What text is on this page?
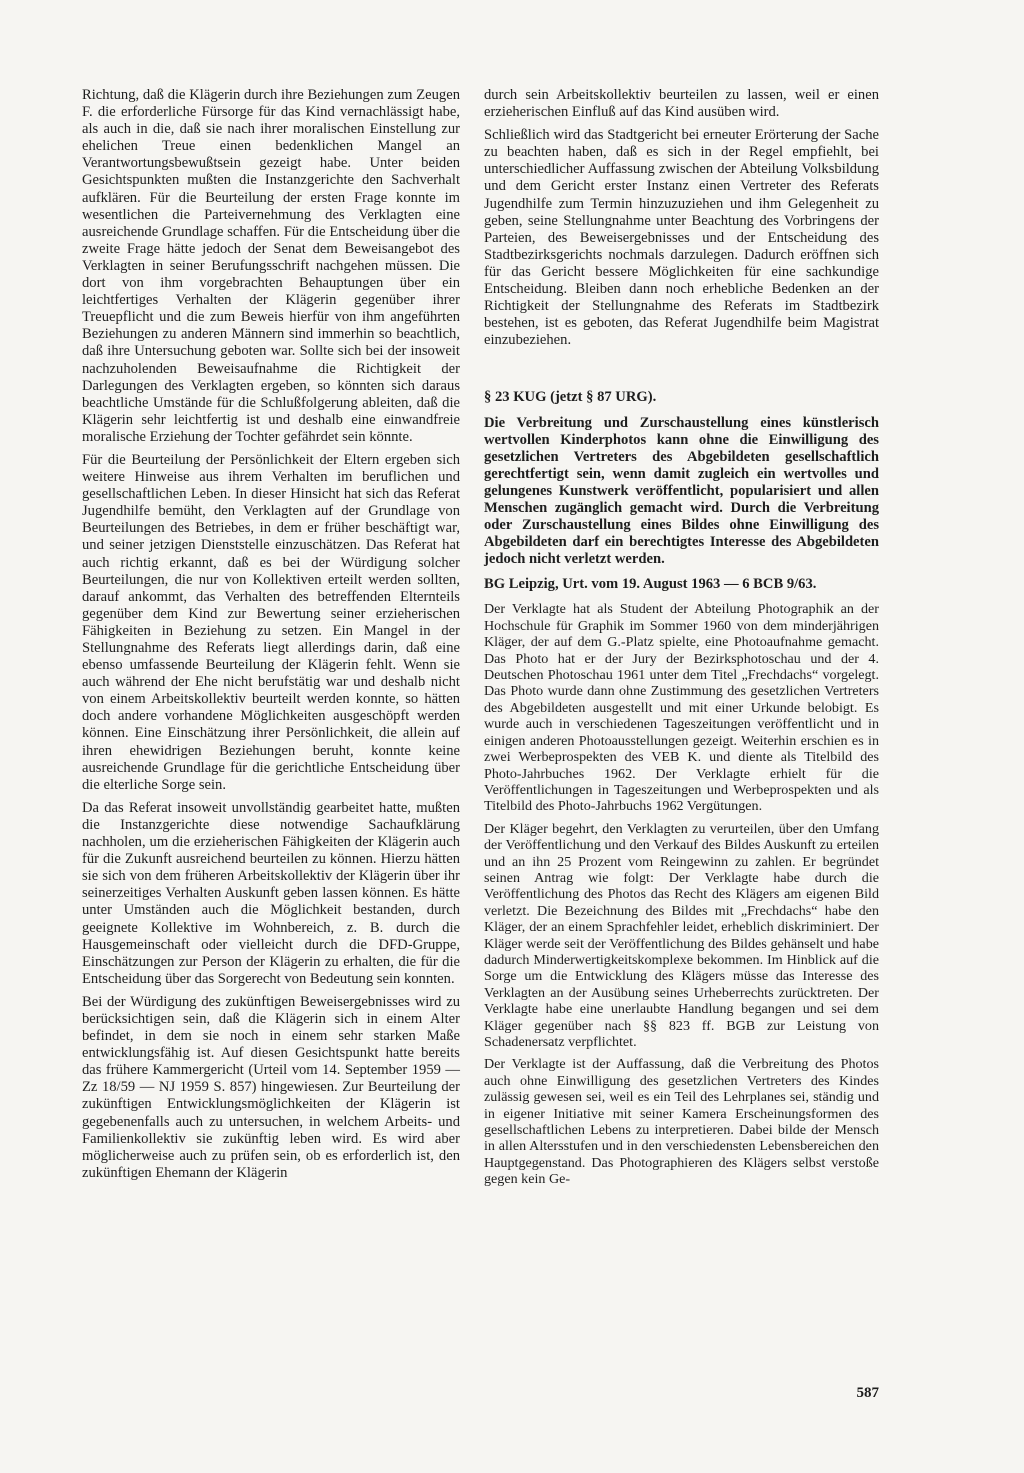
Richtung, daß die Klägerin durch ihre Beziehungen zum Zeugen F. die erforderliche Fürsorge für das Kind vernachlässigt habe, als auch in die, daß sie nach ihrer moralischen Einstellung zur ehelichen Treue einen bedenklichen Mangel an Verantwortungsbewußtsein gezeigt habe. Unter beiden Gesichtspunkten mußten die Instanzgerichte den Sachverhalt aufklären. Für die Beurteilung der ersten Frage konnte im wesentlichen die Parteivernehmung des Verklagten eine ausreichende Grundlage schaffen. Für die Entscheidung über die zweite Frage hätte jedoch der Senat dem Beweisangebot des Verklagten in seiner Berufungsschrift nachgehen müssen. Die dort von ihm vorgebrachten Behauptungen über ein leichtfertiges Verhalten der Klägerin gegenüber ihrer Treuepflicht und die zum Beweis hierfür von ihm angeführten Beziehungen zu anderen Männern sind immerhin so beachtlich, daß ihre Untersuchung geboten war. Sollte sich bei der insoweit nachzuholenden Beweisaufnahme die Richtigkeit der Darlegungen des Verklagten ergeben, so könnten sich daraus beachtliche Umstände für die Schlußfolgerung ableiten, daß die Klägerin sehr leichtfertig ist und deshalb eine einwandfreie moralische Erziehung der Tochter gefährdet sein könnte.

Für die Beurteilung der Persönlichkeit der Eltern ergeben sich weitere Hinweise aus ihrem Verhalten im beruflichen und gesellschaftlichen Leben. In dieser Hinsicht hat sich das Referat Jugendhilfe bemüht, den Verklagten auf der Grundlage von Beurteilungen des Betriebes, in dem er früher beschäftigt war, und seiner jetzigen Dienststelle einzuschätzen. Das Referat hat auch richtig erkannt, daß es bei der Würdigung solcher Beurteilungen, die nur von Kollektiven erteilt werden sollten, darauf ankommt, das Verhalten des betreffenden Elternteils gegenüber dem Kind zur Bewertung seiner erzieherischen Fähigkeiten in Beziehung zu setzen. Ein Mangel in der Stellungnahme des Referats liegt allerdings darin, daß eine ebenso umfassende Beurteilung der Klägerin fehlt. Wenn sie auch während der Ehe nicht berufstätig war und deshalb nicht von einem Arbeitskollektiv beurteilt werden konnte, so hätten doch andere vorhandene Möglichkeiten ausgeschöpft werden können. Eine Einschätzung ihrer Persönlichkeit, die allein auf ihren ehewidrigen Beziehungen beruht, konnte keine ausreichende Grundlage für die gerichtliche Entscheidung über die elterliche Sorge sein.

Da das Referat insoweit unvollständig gearbeitet hatte, mußten die Instanzgerichte diese notwendige Sachaufklärung nachholen, um die erzieherischen Fähigkeiten der Klägerin auch für die Zukunft ausreichend beurteilen zu können. Hierzu hätten sie sich von dem früheren Arbeitskollektiv der Klägerin über ihr seinerzeitiges Verhalten Auskunft geben lassen können. Es hätte unter Umständen auch die Möglichkeit bestanden, durch geeignete Kollektive im Wohnbereich, z. B. durch die Hausgemeinschaft oder vielleicht durch die DFD-Gruppe, Einschätzungen zur Person der Klägerin zu erhalten, die für die Entscheidung über das Sorgerecht von Bedeutung sein konnten.

Bei der Würdigung des zukünftigen Beweisergebnisses wird zu berücksichtigen sein, daß die Klägerin sich in einem Alter befindet, in dem sie noch in einem sehr starken Maße entwicklungsfähig ist. Auf diesen Gesichtspunkt hatte bereits das frühere Kammergericht (Urteil vom 14. September 1959 — Zz 18/59 — NJ 1959 S. 857) hingewiesen. Zur Beurteilung der zukünftigen Entwicklungsmöglichkeiten der Klägerin ist gegebenenfalls auch zu untersuchen, in welchem Arbeits- und Familienkollektiv sie zukünftig leben wird. Es wird aber möglicherweise auch zu prüfen sein, ob es erforderlich ist, den zukünftigen Ehemann der Klägerin

durch sein Arbeitskollektiv beurteilen zu lassen, weil er einen erzieherischen Einfluß auf das Kind ausüben wird.

Schließlich wird das Stadtgericht bei erneuter Erörterung der Sache zu beachten haben, daß es sich in der Regel empfiehlt, bei unterschiedlicher Auffassung zwischen der Abteilung Volksbildung und dem Gericht erster Instanz einen Vertreter des Referats Jugendhilfe zum Termin hinzuzuziehen und ihm Gelegenheit zu geben, seine Stellungnahme unter Beachtung des Vorbringens der Parteien, des Beweisergebnisses und der Entscheidung des Stadtbezirksgerichts nochmals darzulegen. Dadurch eröffnen sich für das Gericht bessere Möglichkeiten für eine sachkundige Entscheidung. Bleiben dann noch erhebliche Bedenken an der Richtigkeit der Stellungnahme des Referats im Stadtbezirk bestehen, ist es geboten, das Referat Jugendhilfe beim Magistrat einzubeziehen.

§ 23 KUG (jetzt § 87 URG).

Die Verbreitung und Zurschaustellung eines künstlerisch wertvollen Kinderphotos kann ohne die Einwilligung des gesetzlichen Vertreters des Abgebildeten gesellschaftlich gerechtfertigt sein, wenn damit zugleich ein wertvolles und gelungenes Kunstwerk veröffentlicht, popularisiert und allen Menschen zugänglich gemacht wird. Durch die Verbreitung oder Zurschaustellung eines Bildes ohne Einwilligung des Abgebildeten darf ein berechtigtes Interesse des Abgebildeten jedoch nicht verletzt werden.

BG Leipzig, Urt. vom 19. August 1963 — 6 BCB 9/63.

Der Verklagte hat als Student der Abteilung Photographik an der Hochschule für Graphik im Sommer 1960 von dem minderjährigen Kläger, der auf dem G.-Platz spielte, eine Photoaufnahme gemacht. Das Photo hat er der Jury der Bezirksphotoschau und der 4. Deutschen Photoschau 1961 unter dem Titel „Frechdachs“ vorgelegt. Das Photo wurde dann ohne Zustimmung des gesetzlichen Vertreters des Abgebildeten ausgestellt und mit einer Urkunde belobigt. Es wurde auch in verschiedenen Tageszeitungen veröffentlicht und in einigen anderen Photoausstellungen gezeigt. Weiterhin erschien es in zwei Werbeprospekten des VEB K. und diente als Titelbild des Photo-Jahrbuches 1962. Der Verklagte erhielt für die Veröffentlichungen in Tageszeitungen und Werbeprospekten und als Titelbild des Photo-Jahrbuchs 1962 Vergütungen.

Der Kläger begehrt, den Verklagten zu verurteilen, über den Umfang der Veröffentlichung und den Verkauf des Bildes Auskunft zu erteilen und an ihn 25 Prozent vom Reingewinn zu zahlen. Er begründet seinen Antrag wie folgt: Der Verklagte habe durch die Veröffentlichung des Photos das Recht des Klägers am eigenen Bild verletzt. Die Bezeichnung des Bildes mit „Frechdachs“ habe den Kläger, der an einem Sprachfehler leidet, erheblich diskriminiert. Der Kläger werde seit der Veröffentlichung des Bildes gehänselt und habe dadurch Minderwertigkeitskomplexe bekommen. Im Hinblick auf die Sorge um die Entwicklung des Klägers müsse das Interesse des Verklagten an der Ausübung seines Urheberrechts zurücktreten. Der Verklagte habe eine unerlaubte Handlung begangen und sei dem Kläger gegenüber nach §§ 823 ff. BGB zur Leistung von Schadenersatz verpflichtet.

Der Verklagte ist der Auffassung, daß die Verbreitung des Photos auch ohne Einwilligung des gesetzlichen Vertreters des Kindes zulässig gewesen sei, weil es ein Teil des Lehrplanes sei, ständig und in eigener Initiative mit seiner Kamera Erscheinungsformen des gesellschaftlichen Lebens zu interpretieren. Dabei bilde der Mensch in allen Altersstufen und in den verschiedensten Lebensbereichen den Hauptgegenstand. Das Photographieren des Klägers selbst verstoße gegen kein Ge-

587
